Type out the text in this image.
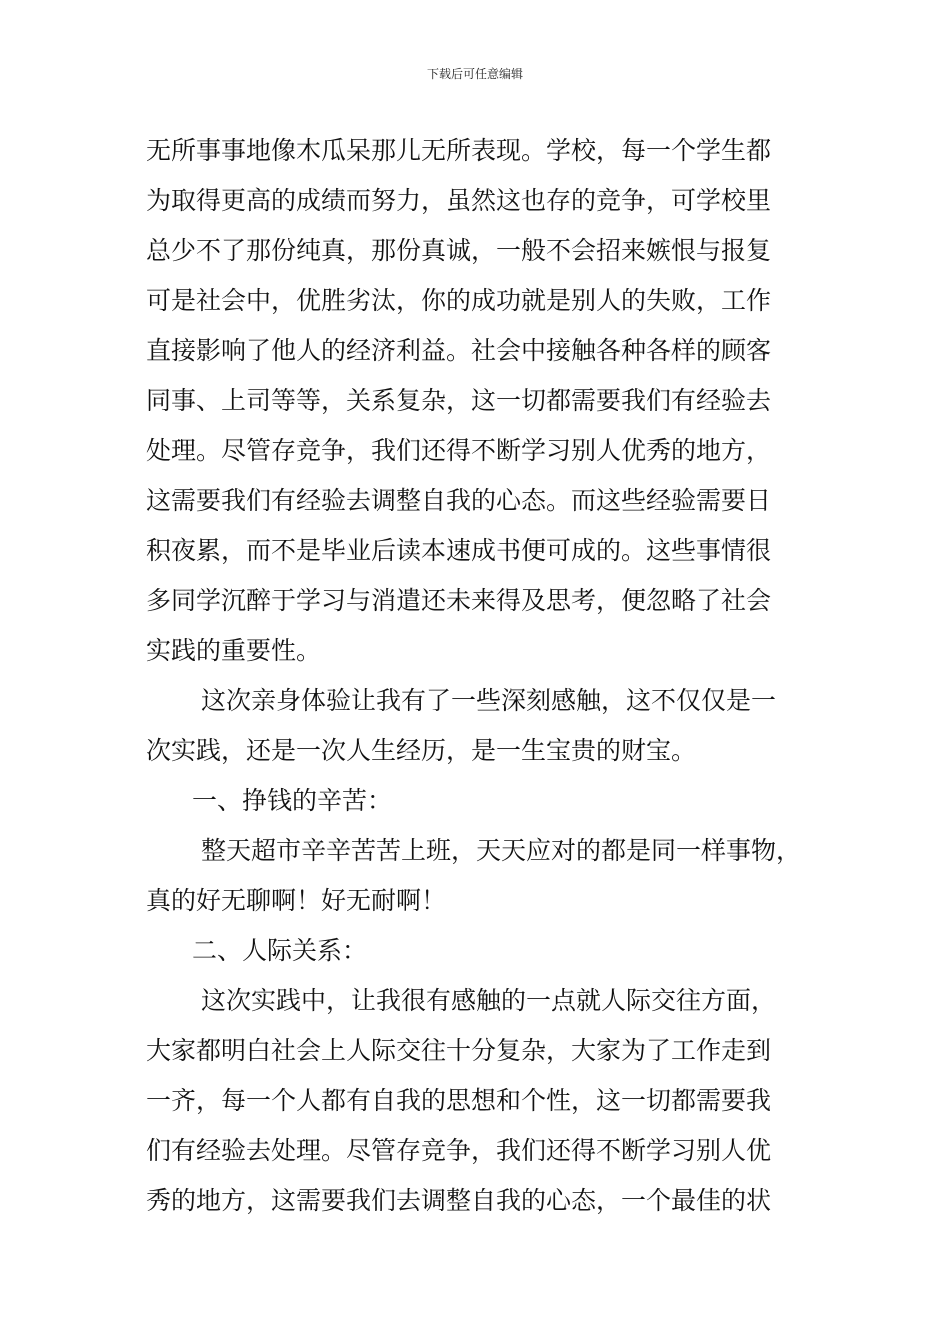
下载后可任意编辑
无所事事地像木瓜呆那儿无所表现。学校，每一个学生都
为取得更高的成绩而努力，虽然这也存的竞争，可学校里
总少不了那份纯真，那份真诚，一般不会招来嫉恨与报复
可是社会中，优胜劣汰，你的成功就是别人的失败，工作
直接影响了他人的经济利益。社会中接触各种各样的顾客
同事、上司等等，关系复杂，这一切都需要我们有经验去
处理。尽管存竞争，我们还得不断学习别人优秀的地方，
这需要我们有经验去调整自我的心态。而这些经验需要日
积夜累，而不是毕业后读本速成书便可成的。这些事情很
多同学沉醉于学习与消遣还未来得及思考，便忽略了社会
实践的重要性。
这次亲身体验让我有了一些深刻感触，这不仅仅是一
次实践，还是一次人生经历，是一生宝贵的财宝。
一、挣钱的辛苦：
整天超市辛辛苦苦上班，天天应对的都是同一样事物，
真的好无聊啊！好无耐啊！
二、人际关系：
这次实践中，让我很有感触的一点就人际交往方面，
大家都明白社会上人际交往十分复杂，大家为了工作走到
一齐，每一个人都有自我的思想和个性，这一切都需要我
们有经验去处理。尽管存竞争，我们还得不断学习别人优
秀的地方，这需要我们去调整自我的心态，一个最佳的状
